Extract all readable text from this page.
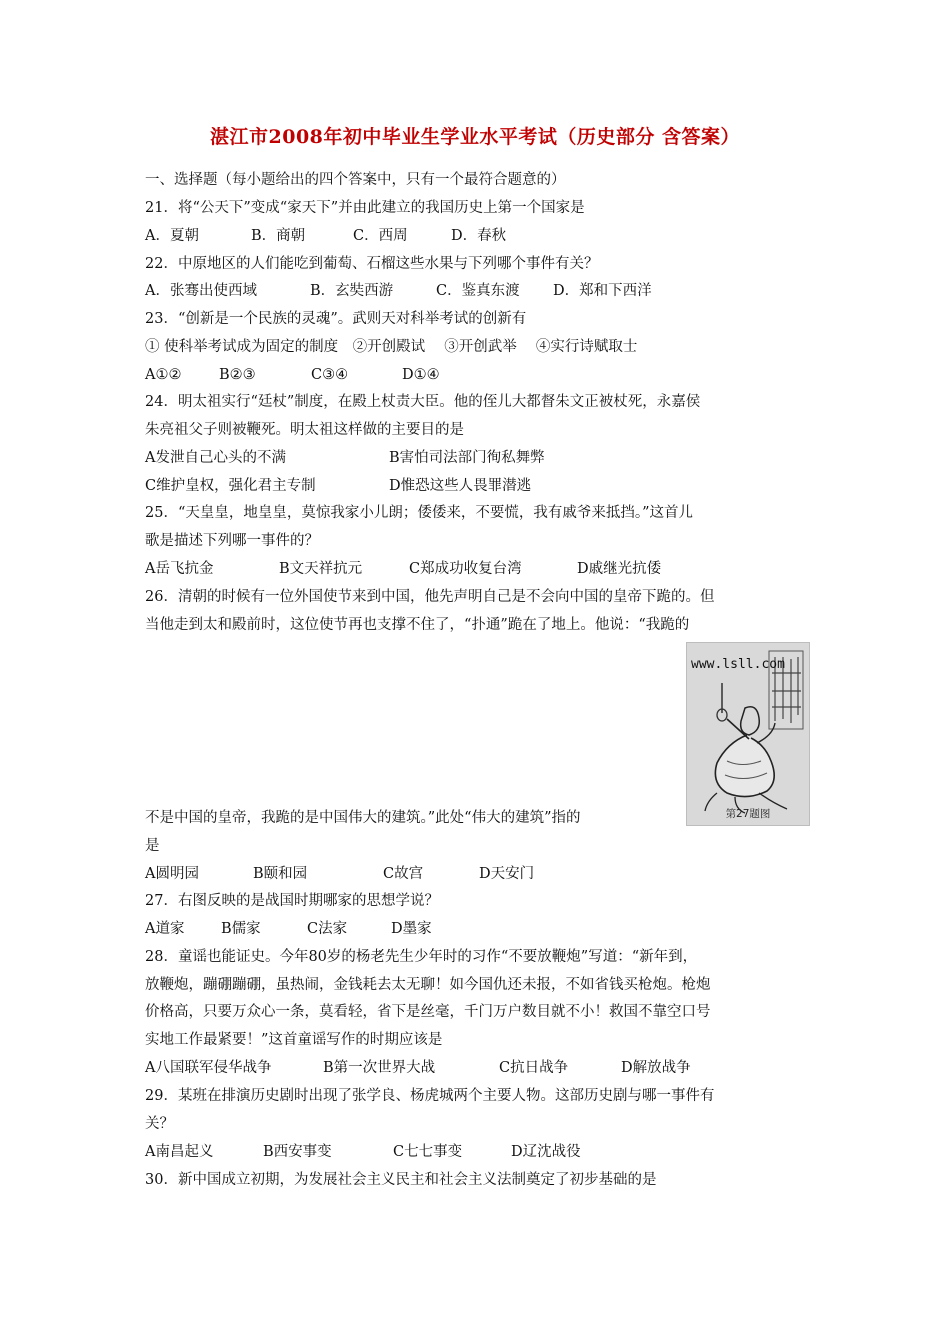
湛江市2008年初中毕业生学业水平考试（历史部分 含答案）
一、选择题（每小题给出的四个答案中，只有一个最符合题意的）
21．将“公天下”变成“家天下”并由此建立的我国历史上第一个国家是
A．夏朝	B．商朝	C．西周	D．春秋
22．中原地区的人们能吃到葡萄、石榴这些水果与下列哪个事件有关？
A．张骞出使西域	B．玄奘西游	C．鉴真东渡 D．郑和下西洋
23．“创新是一个民族的灵魂”。武则天对科举考试的创新有
① 使科举考试成为固定的制度　②开创殿试　 ③开创武举　 ④实行诗赋取士
A①②	B②③	C③④	D①④
24．明太祖实行“廷杖”制度，在殿上杖责大臣。他的侄儿大都督朱文正被杖死，永嘉侯
朱亮祖父子则被鞭死。明太祖这样做的主要目的是
A发泄自己心头的不满	B害怕司法部门徇私舞弊
C维护皇权，强化君主专制	D惟恐这些人畏罪潜逃
25．“天皇皇，地皇皇，莫惊我家小儿朗；倭倭来，不要慌，我有戚爷来抵挡。”这首儿
歌是描述下列哪一事件的？
A岳飞抗金	B文天祥抗元	C郑成功收复台湾	D戚继光抗倭
26．清朝的时候有一位外国使节来到中国，他先声明自己是不会向中国的皇帝下跪的。但
当他走到太和殿前时，这位使节再也支撑不住了，“扑通”跪在了地上。他说：“我跪的
www.lsll.com
第27题图
不是中国的皇帝，我跪的是中国伟大的建筑。”此处“伟大的建筑”指的
是
A圆明园	B颐和园	C故宫	D天安门
27．右图反映的是战国时期哪家的思想学说？
A道家	B儒家	C法家	D墨家
28．童谣也能证史。今年80岁的杨老先生少年时的习作“不要放鞭炮”写道：“新年到，
放鞭炮，蹦硼蹦硼，虽热闹，金钱耗去太无聊！如今国仇还未报，不如省钱买枪炮。枪炮
价格高，只要万众心一条，莫看轻，省下是丝毫，千门万户数目就不小！救国不靠空口号
实地工作最紧要！”这首童谣写作的时期应该是
A八国联军侵华战争	B第一次世界大战	C抗日战争	D解放战争
29．某班在排演历史剧时出现了张学良、杨虎城两个主要人物。这部历史剧与哪一事件有
关？
A南昌起义	B西安事变	C七七事变	D辽沈战役
30．新中国成立初期，为发展社会主义民主和社会主义法制奠定了初步基础的是
